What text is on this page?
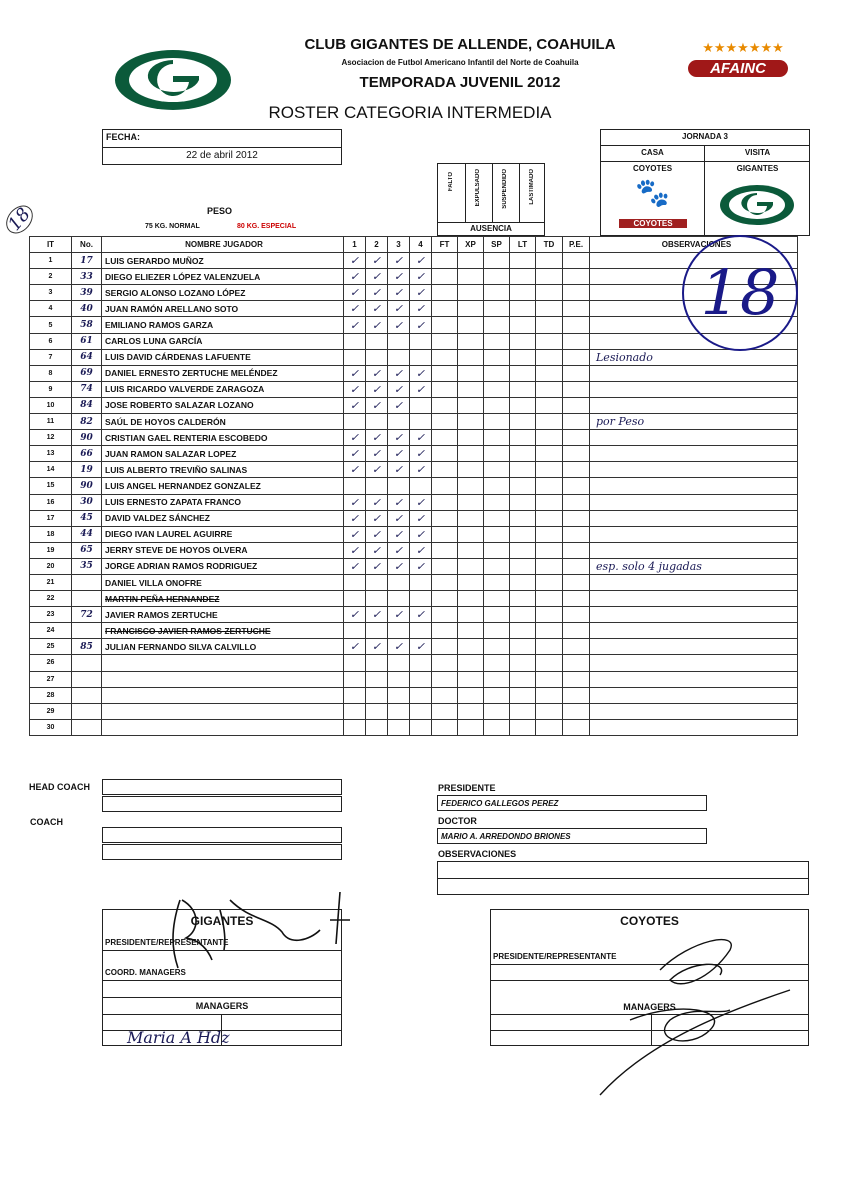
CLUB GIGANTES DE ALLENDE, COAHUILA
Asociacion de Futbol Americano Infantil del Norte de Coahuila
TEMPORADA JUVENIL 2012
ROSTER CATEGORIA INTERMEDIA
★★★★★★★
AFAINC
FECHA:
22 de abril 2012
JORNADA 3
CASA	VISITA
COYOTES	GIGANTES
🐾
COYOTES
PESO
75 KG. NORMAL	80 KG. ESPECIAL
FALTO	EXPULSADO	SUSPENDIDO	LASTIMADO
AUSENCIA
IT	No.	NOMBRE JUGADOR	1	2	3	4	FT	XP	SP	LT	TD	P.E.	OBSERVACIONES
1	17	LUIS GERARDO MUÑOZ	✓	✓	✓	✓							
2	33	DIEGO ELIEZER LÓPEZ VALENZUELA	✓	✓	✓	✓							
3	39	SERGIO ALONSO LOZANO LÓPEZ	✓	✓	✓	✓							
4	40	JUAN RAMÓN ARELLANO SOTO	✓	✓	✓	✓							
5	58	EMILIANO RAMOS GARZA	✓	✓	✓	✓							
6	61	CARLOS LUNA GARCÍA											
7	64	LUIS DAVID CÁRDENAS LAFUENTE											Lesionado
8	69	DANIEL ERNESTO ZERTUCHE MELÉNDEZ	✓	✓	✓	✓							
9	74	LUIS RICARDO VALVERDE ZARAGOZA	✓	✓	✓	✓							
10	84	JOSE ROBERTO SALAZAR LOZANO	✓	✓	✓								
11	82	SAÚL DE HOYOS CALDERÓN											por Peso
12	90	CRISTIAN GAEL RENTERIA ESCOBEDO	✓	✓	✓	✓							
13	66	JUAN RAMON SALAZAR LOPEZ	✓	✓	✓	✓							
14	19	LUIS ALBERTO TREVIÑO SALINAS	✓	✓	✓	✓							
15	90	LUIS ANGEL HERNANDEZ GONZALEZ											
16	30	LUIS ERNESTO ZAPATA FRANCO	✓	✓	✓	✓							
17	45	DAVID VALDEZ SÁNCHEZ	✓	✓	✓	✓							
18	44	DIEGO IVAN LAUREL AGUIRRE	✓	✓	✓	✓							
19	65	JERRY STEVE DE HOYOS OLVERA	✓	✓	✓	✓							
20	35	JORGE ADRIAN RAMOS RODRIGUEZ	✓	✓	✓	✓							esp. solo 4 jugadas
21		DANIEL VILLA ONOFRE											
22		MARTIN PEÑA HERNANDEZ											
23	72	JAVIER RAMOS ZERTUCHE	✓	✓	✓	✓							
24		FRANCISCO JAVIER RAMOS ZERTUCHE											
25	85	JULIAN FERNANDO SILVA CALVILLO	✓	✓	✓	✓							
26													
27													
28													
29													
30													
18
18
HEAD COACH
COACH
PRESIDENTE
FEDERICO GALLEGOS PEREZ
DOCTOR
MARIO A. ARREDONDO BRIONES
OBSERVACIONES
GIGANTES
PRESIDENTE/REPRESENTANTE
COORD. MANAGERS
MANAGERS
Maria A Hdz
COYOTES
PRESIDENTE/REPRESENTANTE
MANAGERS
